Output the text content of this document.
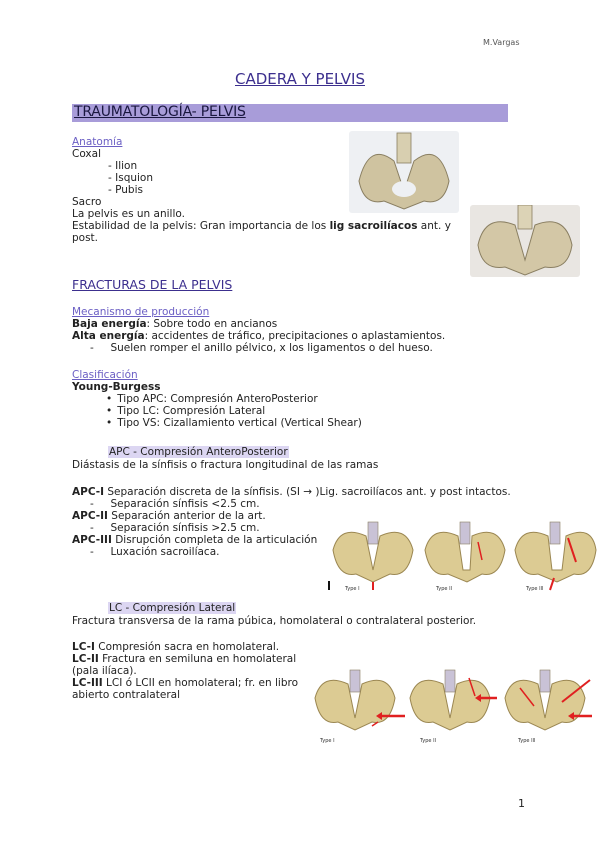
M.Vargas
CADERA Y PELVIS
TRAUMATOLOGÍA- PELVIS
Anatomía
Coxal
- Ilion
- Isquion
- Pubis
Sacro
La pelvis es un anillo.
Estabilidad de la pelvis: Gran importancia de los lig sacroilíacos ant. y
post.
FRACTURAS DE LA PELVIS
Mecanismo de producción
Baja energía: Sobre todo en ancianos
Alta energía: accidentes de tráfico, precipitaciones o aplastamientos.
-     Suelen romper el anillo pélvico, x los ligamentos o del hueso.
Clasificación
Young-Burgess
• Tipo APC: Compresión AnteroPosterior
• Tipo LC: Compresión Lateral
• Tipo VS: Cizallamiento vertical (Vertical Shear)
APC - Compresión AnteroPosterior
Diástasis de la sínfisis o fractura longitudinal de las ramas
APC-I Separación discreta de la sínfisis. (SI → )Lig. sacroilíacos ant. y post intactos.
-     Separación sínfisis <2.5 cm.
APC-II Separación anterior de la art.
-     Separación sínfisis >2.5 cm.
APC-III Disrupción completa de la articulación
-     Luxación sacroilíaca.
Type I	Type II	Type III
LC - Compresión Lateral
Fractura transversa de la rama púbica, homolateral o contralateral posterior.
LC-I Compresión sacra en homolateral.
LC-II Fractura en semiluna en homolateral
(pala ilíaca).
LC-III LCI ó LCII en homolateral; fr. en libro
abierto contralateral
Type I	Type II	Type III
1
